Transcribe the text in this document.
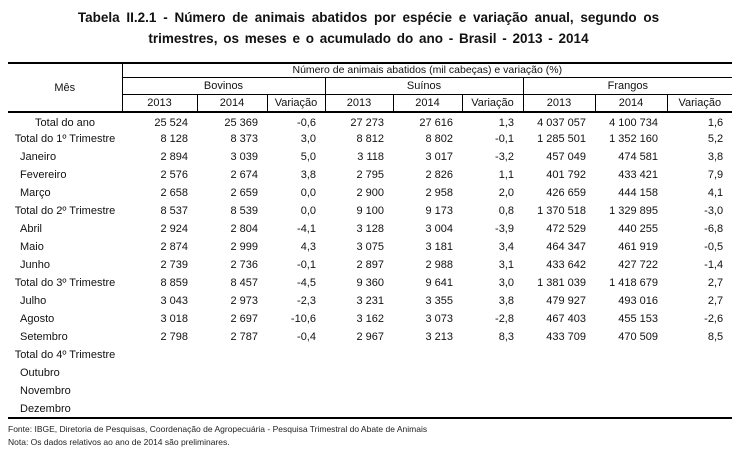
Tabela II.2.1 - Número de animais abatidos por espécie e variação anual, segundo os
trimestres, os meses e o acumulado do ano - Brasil - 2013 - 2014
Mês	Número de animais abatidos (mil cabeças) e variação (%)								
	Bovinos			Suínos			Frangos		
	2013	2014	Variação	2013	2014	Variação	2013	2014	Variação
Total do ano	25 524	25 369	-0,6	27 273	27 616	1,3	4 037 057	4 100 734	1,6
Total do 1º Trimestre	8 128	8 373	3,0	8 812	8 802	-0,1	1 285 501	1 352 160	5,2
Janeiro	2 894	3 039	5,0	3 118	3 017	-3,2	457 049	474 581	3,8
Fevereiro	2 576	2 674	3,8	2 795	2 826	1,1	401 792	433 421	7,9
Março	2 658	2 659	0,0	2 900	2 958	2,0	426 659	444 158	4,1
Total do 2º Trimestre	8 537	8 539	0,0	9 100	9 173	0,8	1 370 518	1 329 895	-3,0
Abril	2 924	2 804	-4,1	3 128	3 004	-3,9	472 529	440 255	-6,8
Maio	2 874	2 999	4,3	3 075	3 181	3,4	464 347	461 919	-0,5
Junho	2 739	2 736	-0,1	2 897	2 988	3,1	433 642	427 722	-1,4
Total do 3º Trimestre	8 859	8 457	-4,5	9 360	9 641	3,0	1 381 039	1 418 679	2,7
Julho	3 043	2 973	-2,3	3 231	3 355	3,8	479 927	493 016	2,7
Agosto	3 018	2 697	-10,6	3 162	3 073	-2,8	467 403	455 153	-2,6
Setembro	2 798	2 787	-0,4	2 967	3 213	8,3	433 709	470 509	8,5
Total do 4º Trimestre									
Outubro									
Novembro									
Dezembro									
Fonte: IBGE, Diretoria de Pesquisas, Coordenação de Agropecuária - Pesquisa Trimestral do Abate de Animais
Nota: Os dados relativos ao ano de 2014 são preliminares.
